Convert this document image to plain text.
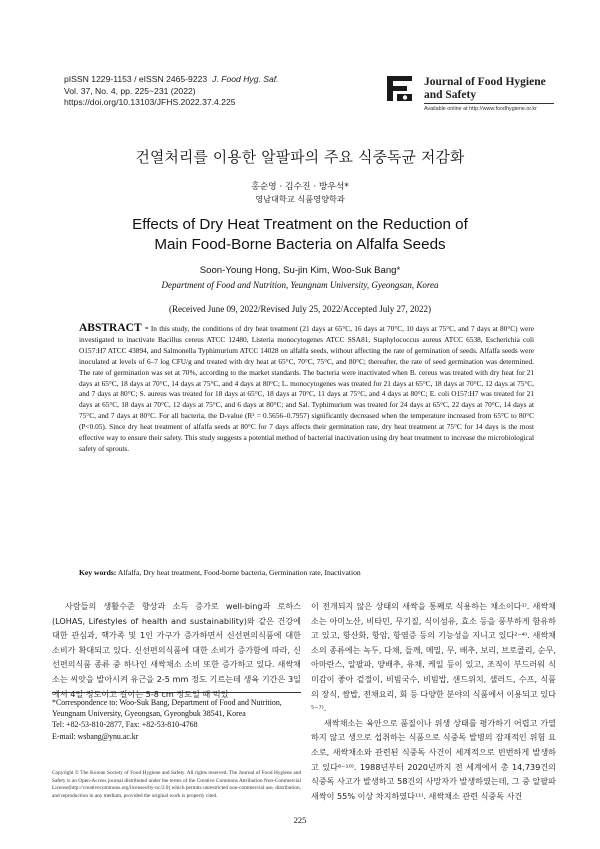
pISSN 1229-1153 / eISSN 2465-9223 J. Food Hyg. Saf.
Vol. 37, No. 4, pp. 225~231 (2022)
https://doi.org/10.13103/JFHS.2022.37.4.225
Journal of Food Hygiene
and Safety
Available online at http://www.foodhygiene.or.kr
건열처리를 이용한 알팔파의 주요 식중독균 저감화
홍순영 · 김수진 · 방우석*
영남대학교 식품영양학과
Effects of Dry Heat Treatment on the Reduction of
Main Food-Borne Bacteria on Alfalfa Seeds
Soon-Young Hong, Su-jin Kim, Woo-Suk Bang*
Department of Food and Nutrition, Yeungnam University, Gyeongsan, Korea
(Received June 09, 2022/Revised July 25, 2022/Accepted July 27, 2022)
ABSTRACT - In this study, the conditions of dry heat treatment (21 days at 65°C, 16 days at 70°C, 10 days at 75°C, and 7 days at 80°C) were investigated to inactivate Bacillus cereus ATCC 12480, Listeria monocytogenes ATCC SSA81, Staphylococcus aureus ATCC 6538, Escherichia coli O157:H7 ATCC 43894, and Salmonella Typhimurium ATCC 14028 on alfalfa seeds, without affecting the rate of germination of seeds. Alfalfa seeds were inoculated at levels of 6–7 log CFU/g and treated with dry heat at 65°C, 70°C, 75°C, and 80°C; thereafter, the rate of seed germination was determined. The rate of germination was set at 70%, according to the market standards. The bacteria were inactivated when B. cereus was treated with dry heat for 21 days at 65°C, 18 days at 70°C, 14 days at 75°C, and 4 days at 80°C; L. monocytogenes was treated for 21 days at 65°C, 18 days at 70°C, 12 days at 75°C, and 7 days at 80°C; S. aureus was treated for 18 days at 65°C, 18 days at 70°C, 11 days at 75°C, and 4 days at 80°C; E. coli O157:H7 was treated for 21 days at 65°C, 18 days at 70°C, 12 days at 75°C, and 6 days at 80°C; and Sal. Typhimurium was treated for 24 days at 65°C, 22 days at 70°C, 14 days at 75°C, and 7 days at 80°C. For all bacteria, the D-value (R² = 0.5656–0.7957) significantly decreased when the temperature increased from 65°C to 80°C (P<0.05). Since dry heat treatment of alfalfa seeds at 80°C for 7 days affects their germination rate, dry heat treatment at 75°C for 14 days is the most effective way to ensure their safety. This study suggests a potential method of bacterial inactivation using dry heat treatment to increase the microbiological safety of sprouts.
Key words: Alfalfa, Dry heat treatment, Food-borne bacteria, Germination rate, Inactivation

사람들의 생활수준 향상과 소득 증가로 well-bing과 로하스(LOHAS, Lifestyles of health and sustainability)와 같은 건강에 대한 관심과, 핵가족 및 1인 가구가 증가하면서 신선편의식품에 대한 소비가 확대되고 있다. 신선편의식품에 대한 소비가 증가함에 따라, 신선편의식품 종류 중 하나인 새싹채소 소비 또한 증가하고 있다. 새싹채소는 씨앗을 발아시켜 유근을 2-5 mm 정도 기르는데 생육 기간은 3일에서 4일 정도이고 길이는 5-8 cm 정도일 때 먹있

*Correspondence to: Woo-Suk Bang, Department of Food and Nutrition, Yeungnam University, Gyeongsan, Gyeongbuk 38541, Korea
Tel: +82-53-810-2877, Fax: +82-53-810-4768
E-mail: wsbang@ynu.ac.kr
Copyright © The Korean Society of Food Hygiene and Safety. All rights reserved. The Journal of Food Hygiene and Safety is an Open-Access journal distributed under the terms of the Creative Commons Attribution Non-Commercial License(http://creativecommons.org/licenses/by-nc/3.0) which permits unrestricted non-commercial use, distribution, and reproduction in any medium, provided the original work is properly cited.
이 전개되지 않은 상태의 새싹을 통째로 식용하는 채소이다¹⁾. 새싹채소는 아미노산, 비타민, 무기질, 식이섬유, 효소 등을 풍부하게 함유하고 있고, 항산화, 항암, 항염증 등의 기능성을 지니고 있다²⁻⁴⁾. 새싹채소의 종류에는 녹두, 다채, 들깨, 메밀, 무, 배추, 보리, 브로콜리, 순무, 아마란스, 알팔파, 양배추, 유채, 케일 등이 있고, 조직이 부드러워 식미감이 좋아 겉절이, 비빔국수, 비빔밥, 샌드위치, 샐러드, 수프, 식품의 장식, 쌈밥, 전채요리, 회 등 다양한 분야의 식품에서 이용되고 있다⁵⁻⁷⁾.

새싹채소는 육안으로 품질이나 위생 상태를 평가하기 어렵고 가열하지 않고 생으로 섭취하는 식품으로 식중독 발병의 잠재적인 위험 요소로, 새싹채소와 관련된 식중독 사건이 세계적으로 빈번하게 발생하고 있다⁸⁻¹⁰⁾. 1988년부터 2020년까지 전 세계에서 총 14,739건의 식중독 사고가 발생하고 58건의 사망자가 발생하였는데, 그 중 알팔파 새싹이 55% 이상 차지하였다¹¹⁾. 새싹채소 관련 식중독 사건

225
